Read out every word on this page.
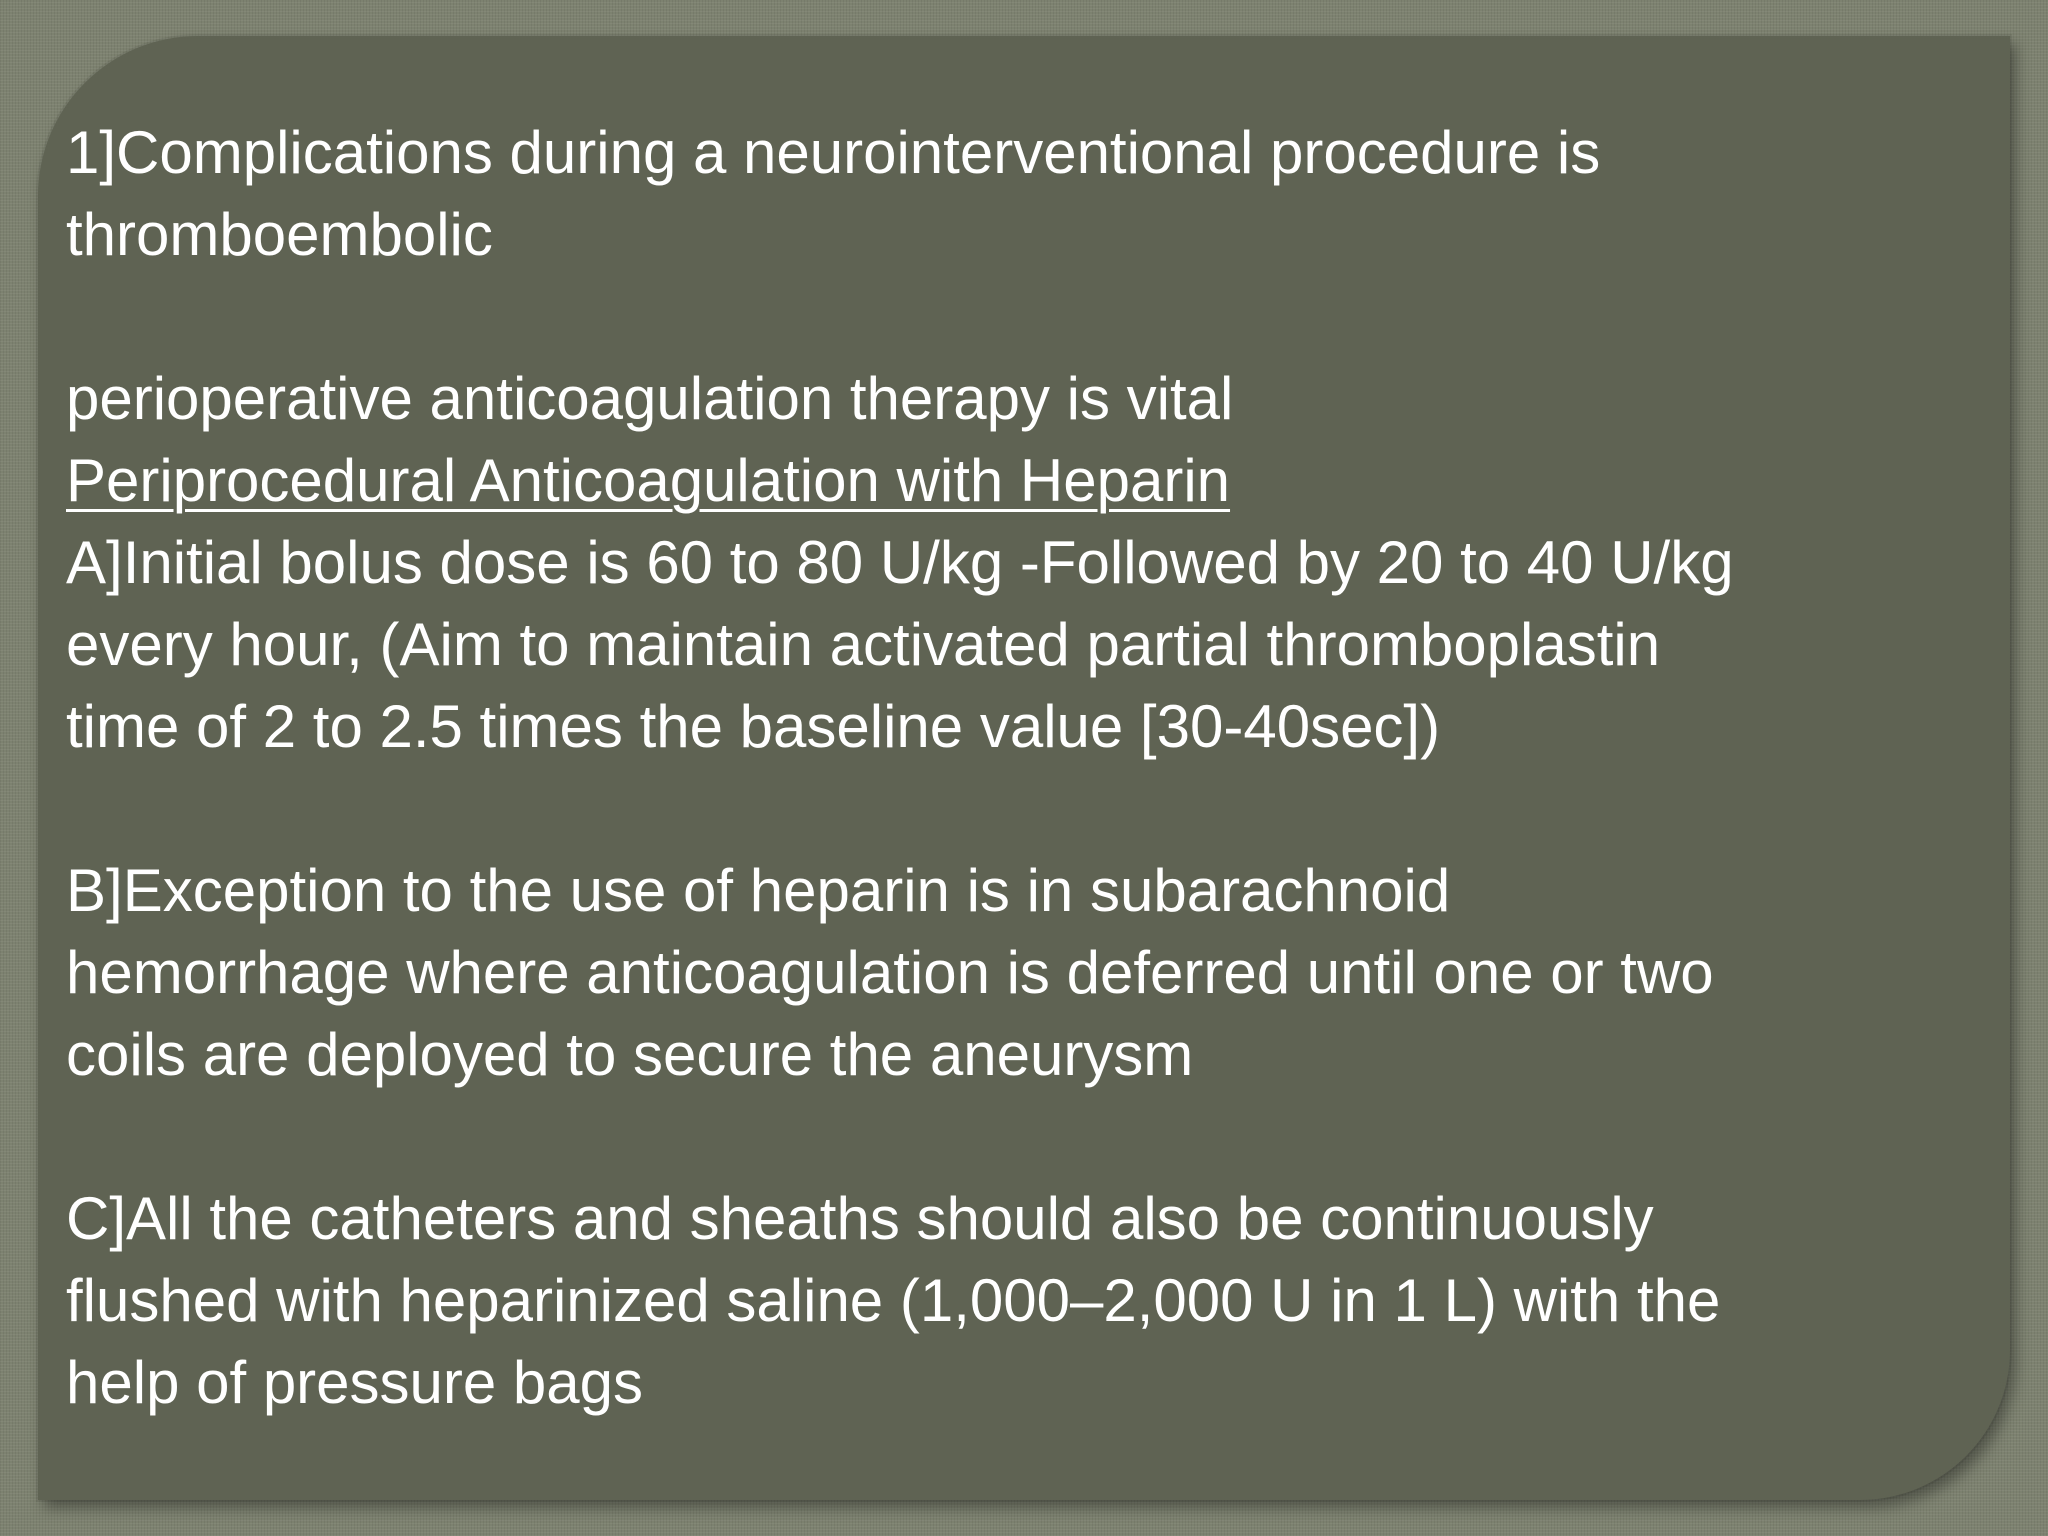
1]Complications during a neurointerventional procedure is
thromboembolic
perioperative anticoagulation therapy is vital
Periprocedural Anticoagulation with Heparin
A]Initial bolus dose is 60 to 80 U/kg -Followed by 20 to 40 U/kg
every hour, (Aim to maintain activated partial thromboplastin
time of 2 to 2.5 times the baseline value [30-40sec])
B]Exception to the use of heparin is in subarachnoid
hemorrhage where anticoagulation is deferred until one or two
coils are deployed to secure the aneurysm
C]All the catheters and sheaths should also be continuously
flushed with heparinized saline (1,000–2,000 U in 1 L) with the
help of pressure bags
